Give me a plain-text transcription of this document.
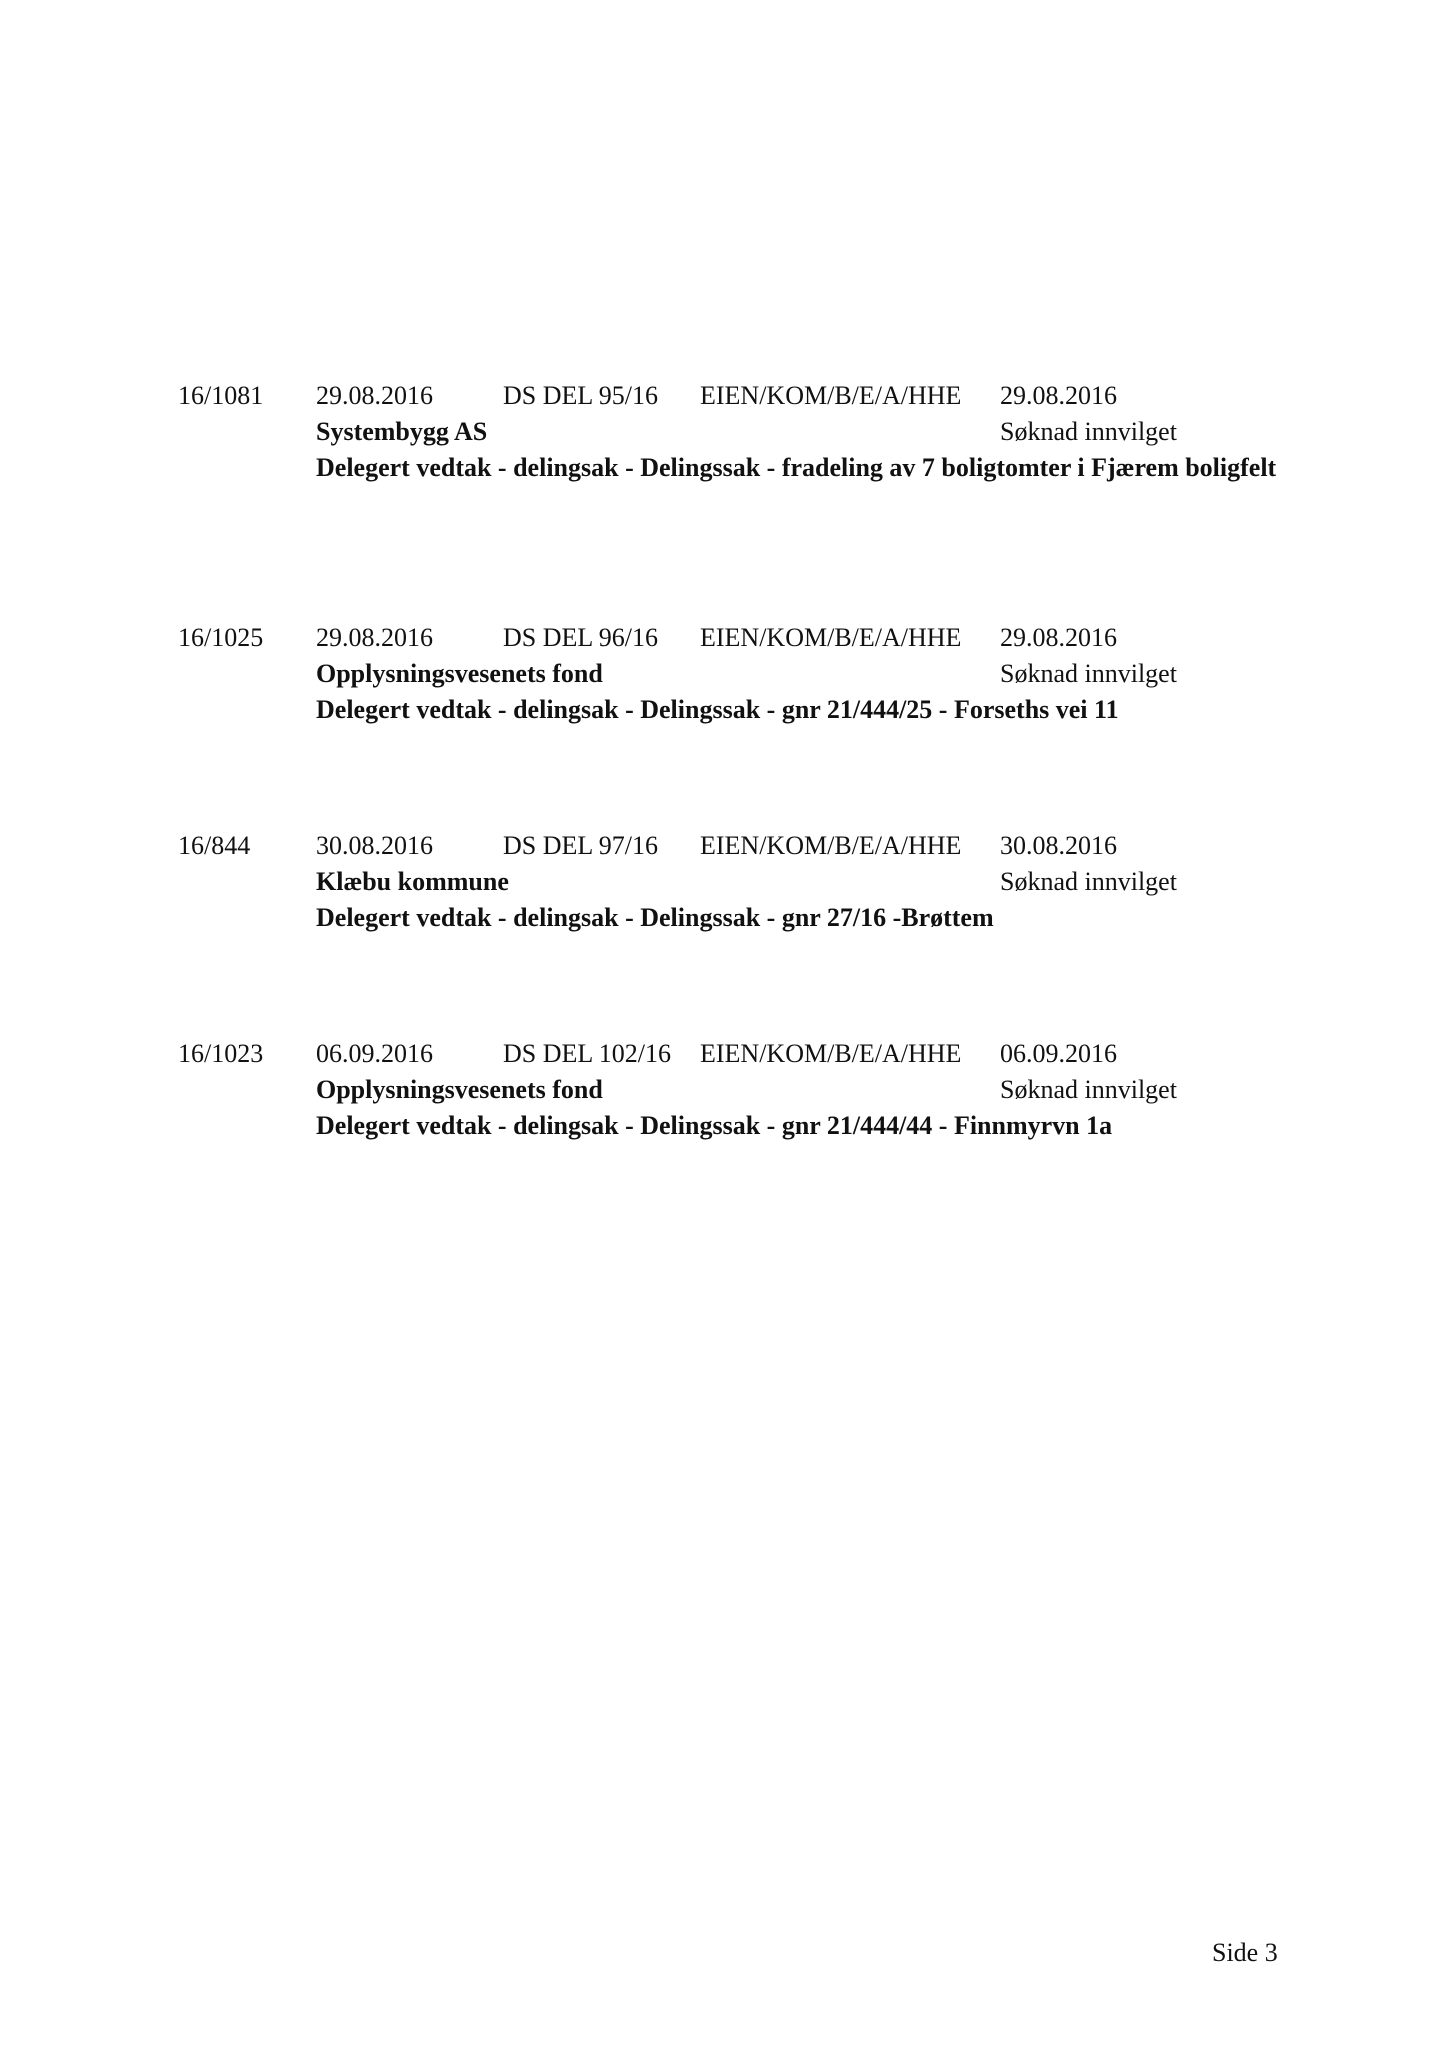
16/1081 29.08.2016	DS DEL 95/16 EIEN/KOM/B/E/A/HHE 29.08.2016
Systembygg AS	Søknad innvilget
Delegert vedtak - delingsak - Delingssak - fradeling av 7 boligtomter i Fjærem boligfelt
16/1025 29.08.2016	DS DEL 96/16 EIEN/KOM/B/E/A/HHE 29.08.2016
Opplysningsvesenets fond	Søknad innvilget
Delegert vedtak - delingsak - Delingssak - gnr 21/444/25 - Forseths vei 11
16/844	30.08.2016	DS DEL 97/16 EIEN/KOM/B/E/A/HHE 30.08.2016
Klæbu kommune	Søknad innvilget
Delegert vedtak - delingsak - Delingssak - gnr 27/16 -Brøttem
16/1023 06.09.2016	DS DEL 102/16 EIEN/KOM/B/E/A/HHE 06.09.2016
Opplysningsvesenets fond	Søknad innvilget
Delegert vedtak - delingsak - Delingssak - gnr 21/444/44 - Finnmyrvn 1a
Side 3
